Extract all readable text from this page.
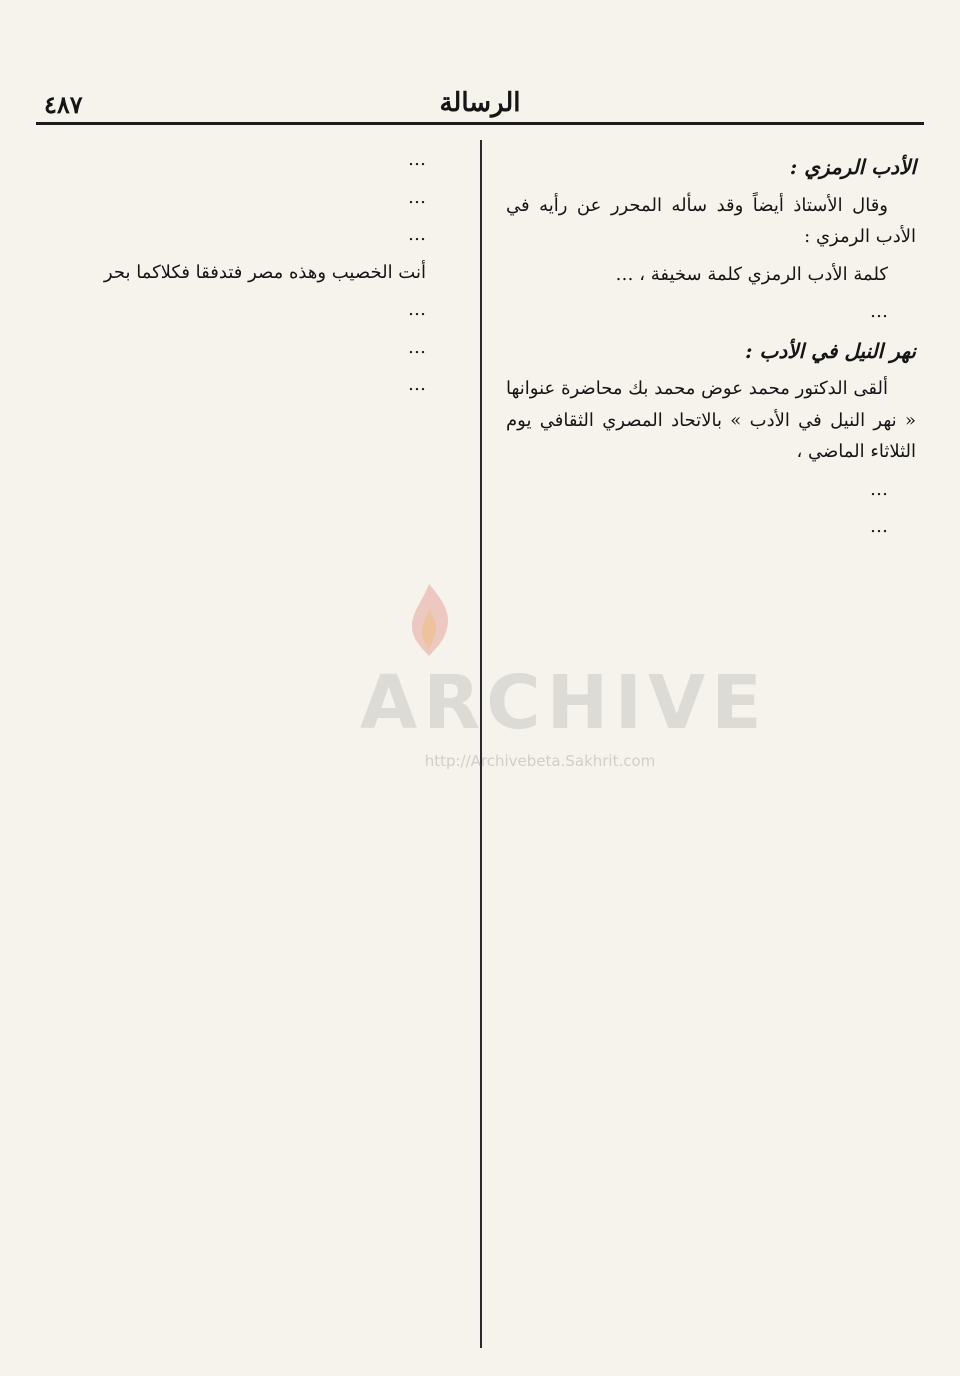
الرسالة
٤٨٧
الأدب الرمزي :

وقال الأستاذ أيضاً وقد سأله المحرر عن رأيه في الأدب الرمزي :

كلمة الأدب الرمزي كلمة سخيفة ، …

…

نهر النيل في الأدب :

ألقى الدكتور محمد عوض محمد بك محاضرة عنوانها « نهر النيل في الأدب » بالاتحاد المصري الثقافي يوم الثلاثاء الماضي ،

…

…

…

…

…

أنت الخصيب وهذه مصر فتدفقا فكلاكما بحر

…

…

…

ARCHIVE
http://Archivebeta.Sakhrit.com
